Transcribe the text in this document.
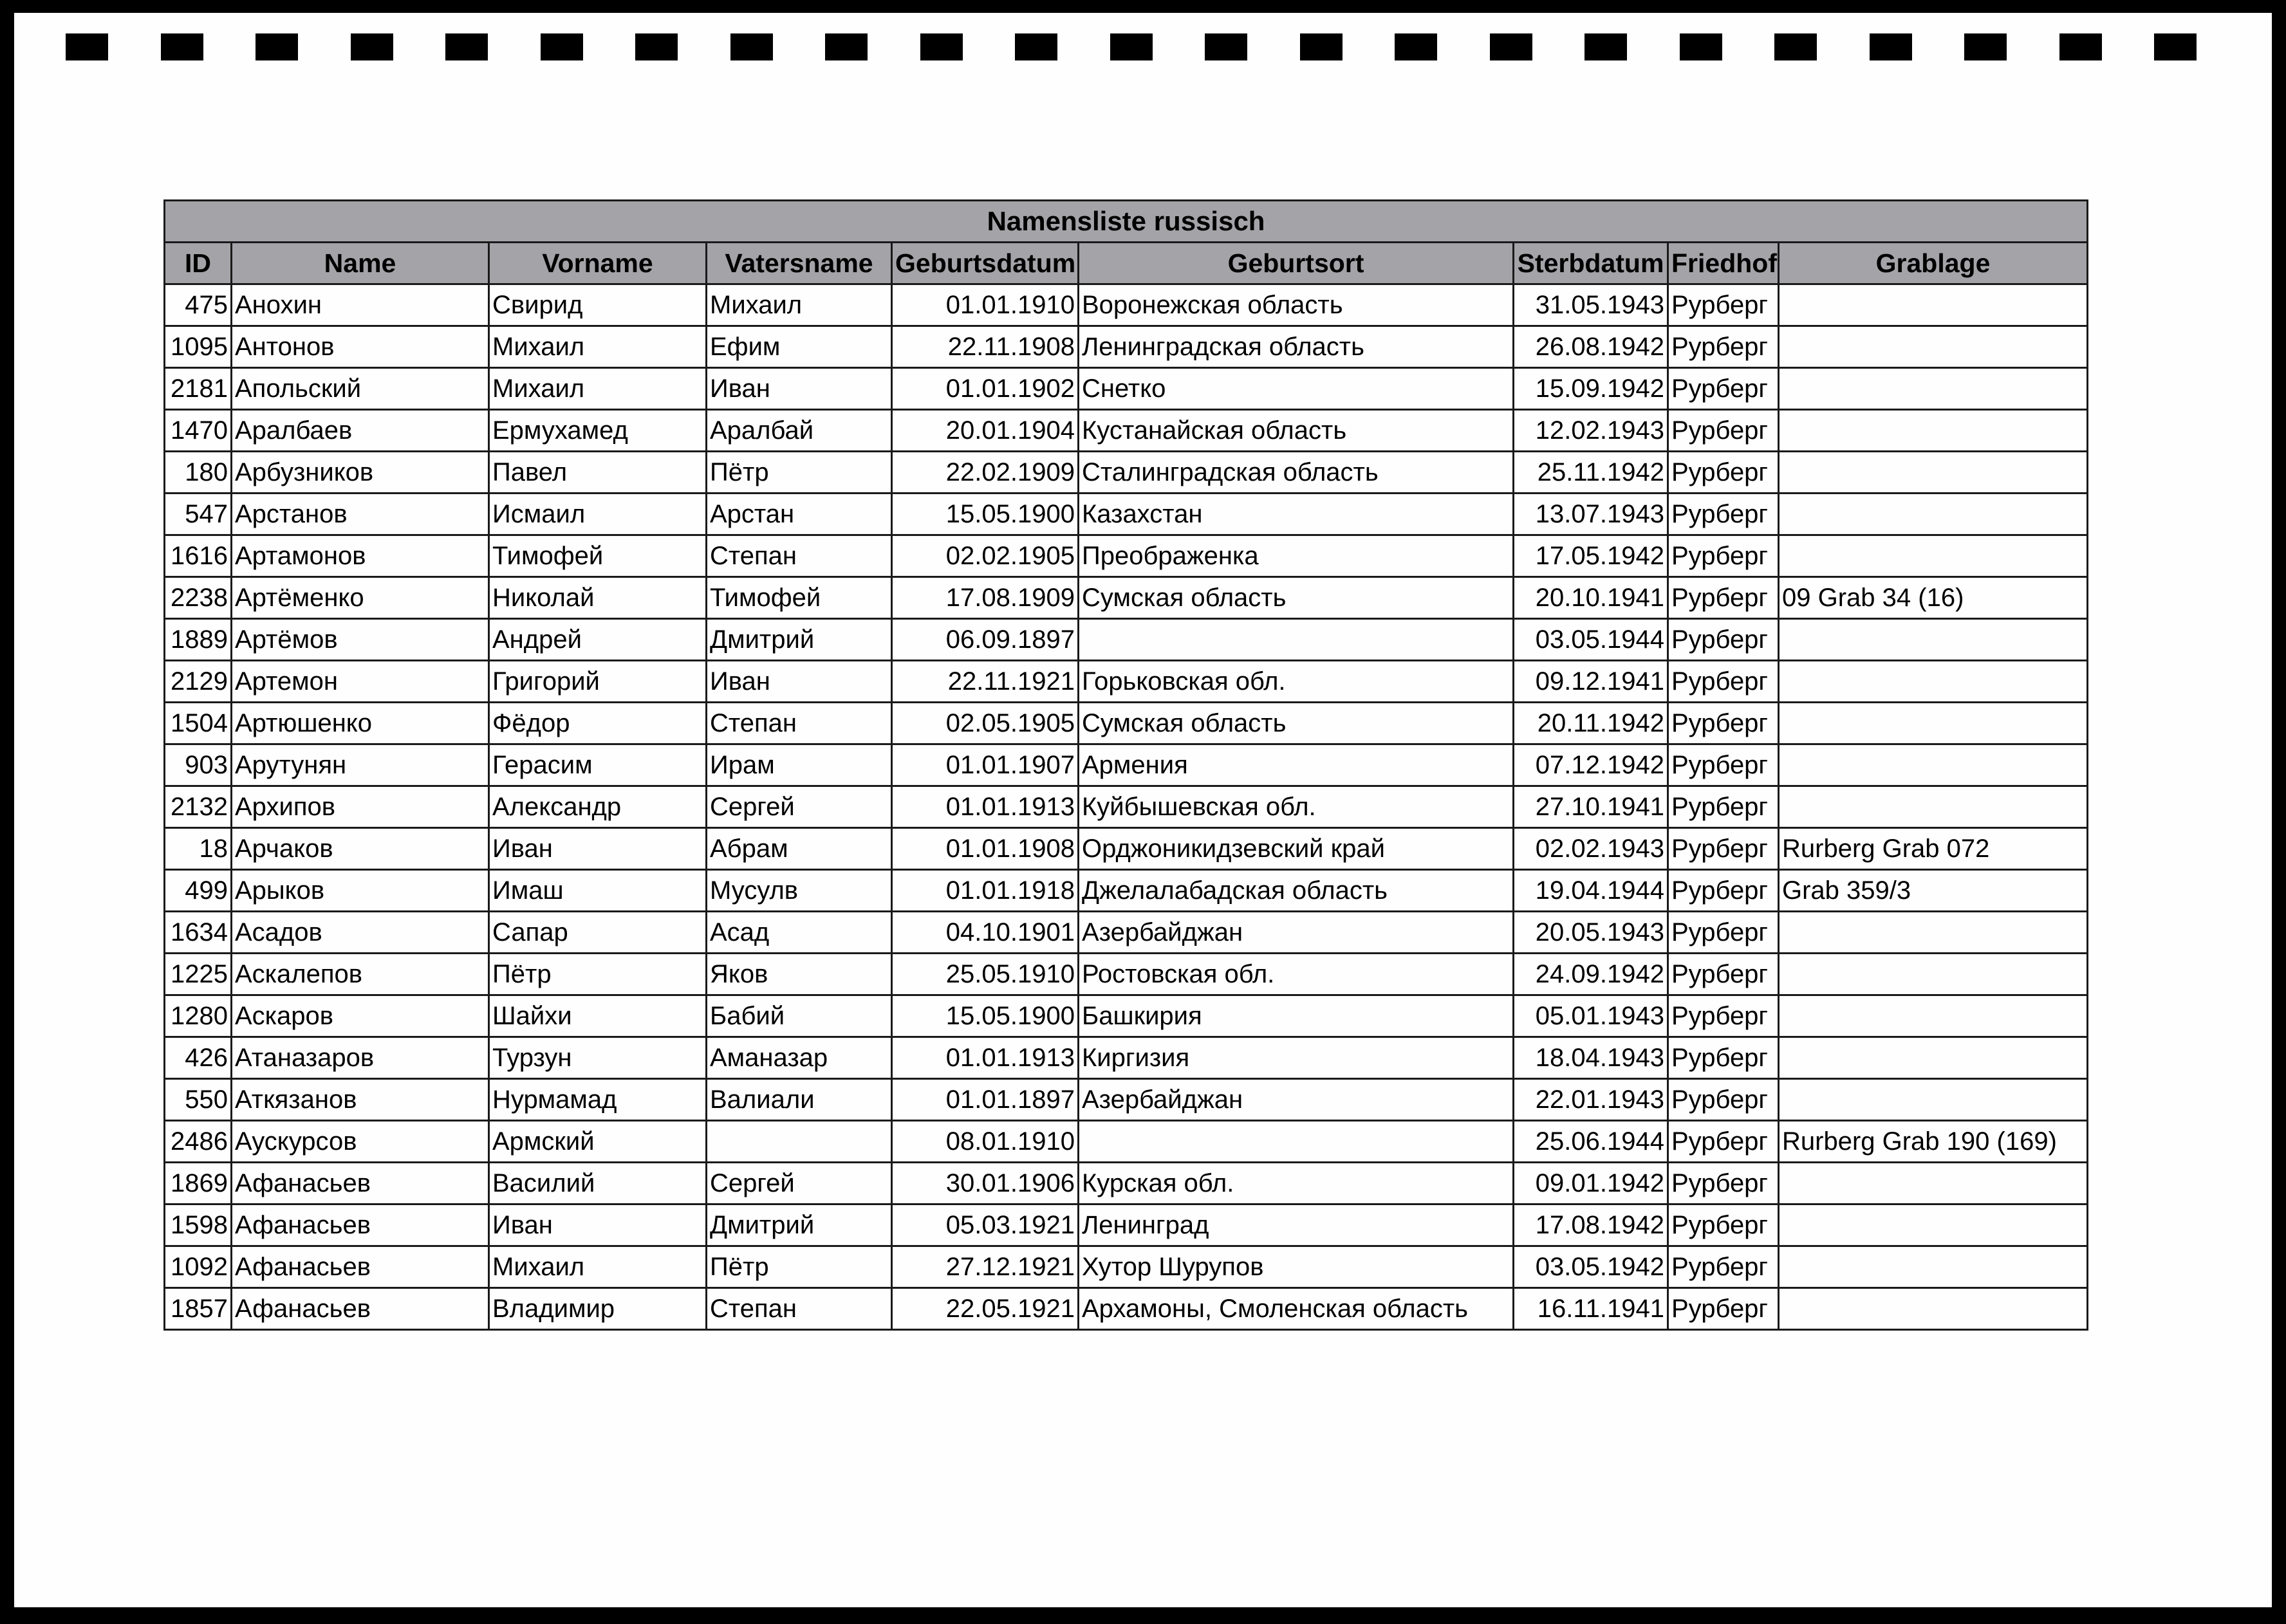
Namensliste russisch								
ID	Name	Vorname	Vatersname	Geburtsdatum	Geburtsort	Sterbdatum	Friedhof	Grablage
475	Анохин	Свирид	Михаил	01.01.1910	Воронежская область	31.05.1943	Рурберг	
1095	Антонов	Михаил	Ефим	22.11.1908	Ленинградская область	26.08.1942	Рурберг	
2181	Апольский	Михаил	Иван	01.01.1902	Снетко	15.09.1942	Рурберг	
1470	Аралбаев	Ермухамед	Аралбай	20.01.1904	Кустанайская область	12.02.1943	Рурберг	
180	Арбузников	Павел	Пётр	22.02.1909	Сталинградская область	25.11.1942	Рурберг	
547	Арстанов	Исмаил	Арстан	15.05.1900	Казахстан	13.07.1943	Рурберг	
1616	Артамонов	Тимофей	Степан	02.02.1905	Преображенка	17.05.1942	Рурберг	
2238	Артёменко	Николай	Тимофей	17.08.1909	Сумская область	20.10.1941	Рурберг	09 Grab 34 (16)
1889	Артёмов	Андрей	Дмитрий	06.09.1897		03.05.1944	Рурберг	
2129	Артемон	Григорий	Иван	22.11.1921	Горьковская обл.	09.12.1941	Рурберг	
1504	Артюшенко	Фёдор	Степан	02.05.1905	Сумская область	20.11.1942	Рурберг	
903	Арутунян	Герасим	Ирам	01.01.1907	Армения	07.12.1942	Рурберг	
2132	Архипов	Александр	Сергей	01.01.1913	Куйбышевская обл.	27.10.1941	Рурберг	
18	Арчаков	Иван	Абрам	01.01.1908	Орджоникидзевский край	02.02.1943	Рурберг	Rurberg Grab 072
499	Арыков	Имаш	Мусулв	01.01.1918	Джелалабадская область	19.04.1944	Рурберг	Grab 359/3
1634	Асадов	Сапар	Асад	04.10.1901	Азербайджан	20.05.1943	Рурберг	
1225	Аскалепов	Пётр	Яков	25.05.1910	Ростовская обл.	24.09.1942	Рурберг	
1280	Аскаров	Шайхи	Бабий	15.05.1900	Башкирия	05.01.1943	Рурберг	
426	Атаназаров	Турзун	Аманазар	01.01.1913	Киргизия	18.04.1943	Рурберг	
550	Аткязанов	Нурмамад	Валиали	01.01.1897	Азербайджан	22.01.1943	Рурберг	
2486	Аускурсов	Армский		08.01.1910		25.06.1944	Рурберг	Rurberg Grab 190 (169)
1869	Афанасьев	Василий	Сергей	30.01.1906	Курская обл.	09.01.1942	Рурберг	
1598	Афанасьев	Иван	Дмитрий	05.03.1921	Ленинград	17.08.1942	Рурберг	
1092	Афанасьев	Михаил	Пётр	27.12.1921	Хутор Шурупов	03.05.1942	Рурберг	
1857	Афанасьев	Владимир	Степан	22.05.1921	Архамоны, Смоленская область	16.11.1941	Рурберг	
